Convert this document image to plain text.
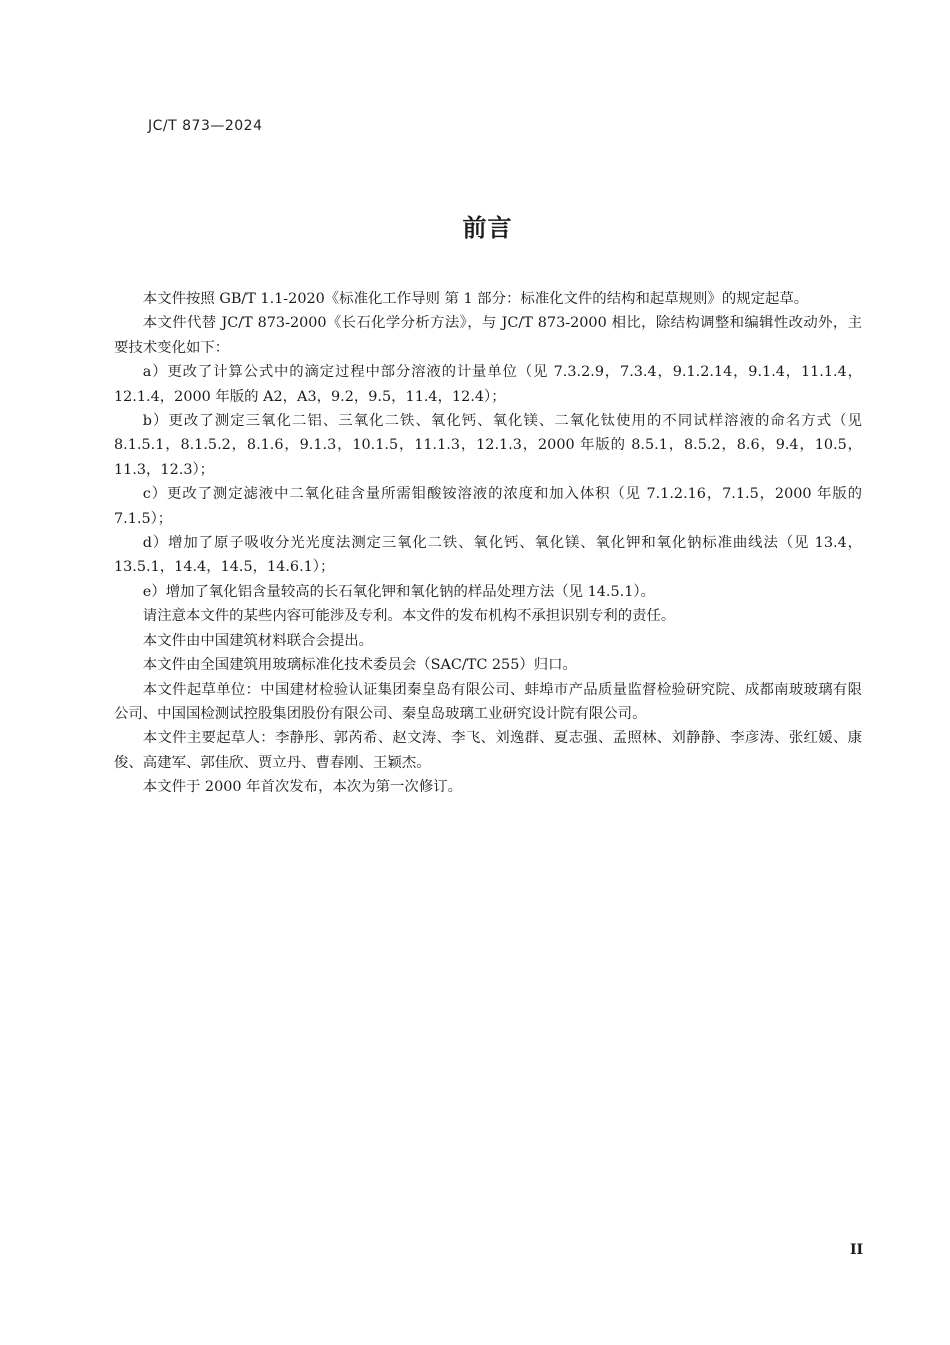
JC/T 873—2024
前言

本文件按照 GB/T 1.1-2020《标准化工作导则 第 1 部分：标准化文件的结构和起草规则》的规定起草。

本文件代替 JC/T 873-2000《长石化学分析方法》，与 JC/T 873-2000 相比，除结构调整和编辑性改动外，主要技术变化如下：

a）更改了计算公式中的滴定过程中部分溶液的计量单位（见 7.3.2.9，7.3.4，9.1.2.14，9.1.4，11.1.4，12.1.4，2000 年版的 A2，A3，9.2，9.5，11.4，12.4）；

b）更改了测定三氧化二铝、三氧化二铁、氧化钙、氧化镁、二氧化钛使用的不同试样溶液的命名方式（见 8.1.5.1，8.1.5.2，8.1.6，9.1.3，10.1.5，11.1.3，12.1.3，2000 年版的 8.5.1，8.5.2，8.6，9.4，10.5，11.3，12.3）；

c）更改了测定滤液中二氧化硅含量所需钼酸铵溶液的浓度和加入体积（见 7.1.2.16，7.1.5，2000 年版的 7.1.5）；

d）增加了原子吸收分光光度法测定三氧化二铁、氧化钙、氧化镁、氧化钾和氧化钠标准曲线法（见 13.4，13.5.1，14.4，14.5，14.6.1）；

e）增加了氧化铝含量较高的长石氧化钾和氧化钠的样品处理方法（见 14.5.1）。

请注意本文件的某些内容可能涉及专利。本文件的发布机构不承担识别专利的责任。

本文件由中国建筑材料联合会提出。

本文件由全国建筑用玻璃标准化技术委员会（SAC/TC 255）归口。

本文件起草单位：中国建材检验认证集团秦皇岛有限公司、蚌埠市产品质量监督检验研究院、成都南玻玻璃有限公司、中国国检测试控股集团股份有限公司、秦皇岛玻璃工业研究设计院有限公司。

本文件主要起草人：李静彤、郭芮希、赵文涛、李飞、刘逸群、夏志强、孟照林、刘静静、李彦涛、张红媛、康俊、高建军、郭佳欣、贾立丹、曹春刚、王颖杰。

本文件于 2000 年首次发布，本次为第一次修订。

II
